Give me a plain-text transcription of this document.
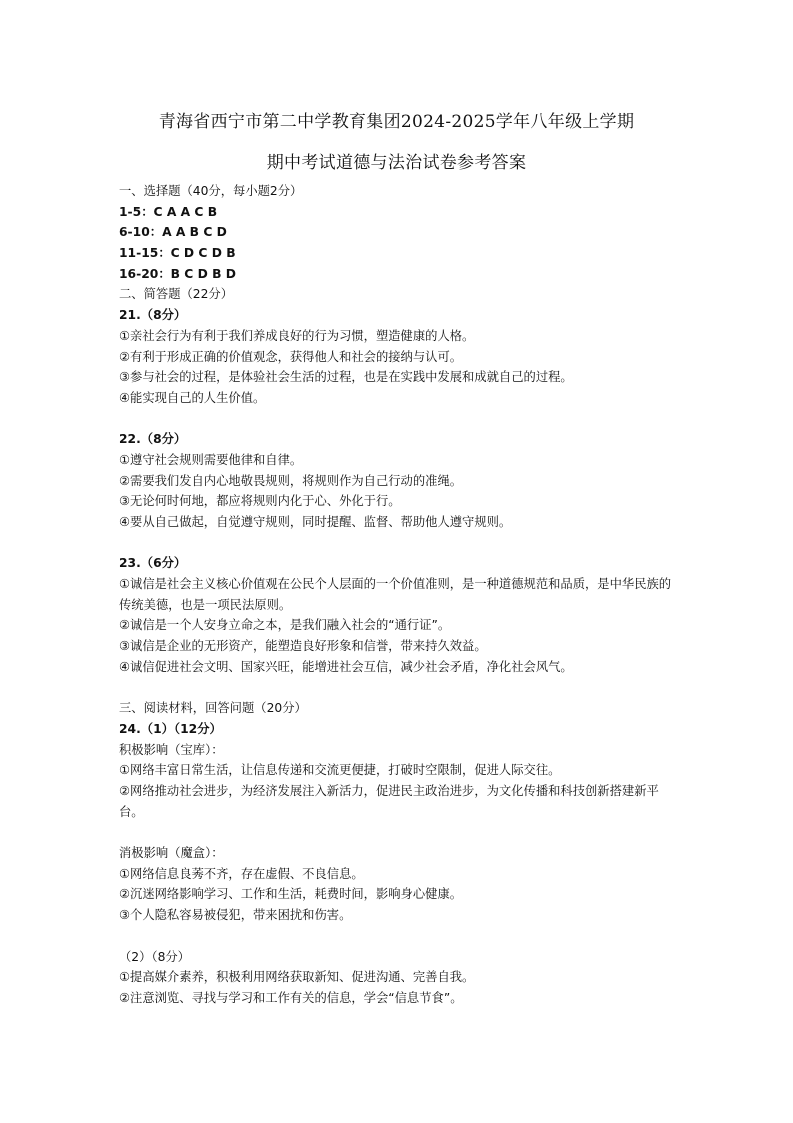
青海省西宁市第二中学教育集团2024-2025学年八年级上学期
期中考试道德与法治试卷参考答案
一、选择题（40分，每小题2分）
1-5：C A A C B
6-10：A A B C D
11-15：C D C D B
16-20：B C D B D
二、简答题（22分）
21.（8分）
①亲社会行为有利于我们养成良好的行为习惯，塑造健康的人格。
②有利于形成正确的价值观念，获得他人和社会的接纳与认可。
③参与社会的过程，是体验社会生活的过程，也是在实践中发展和成就自己的过程。
④能实现自己的人生价值。
22.（8分）
①遵守社会规则需要他律和自律。
②需要我们发自内心地敬畏规则，将规则作为自己行动的准绳。
③无论何时何地，都应将规则内化于心、外化于行。
④要从自己做起，自觉遵守规则，同时提醒、监督、帮助他人遵守规则。
23.（6分）
①诚信是社会主义核心价值观在公民个人层面的一个价值准则，是一种道德规范和品质，是中华民族的传统美德，也是一项民法原则。
②诚信是一个人安身立命之本，是我们融入社会的“通行证”。
③诚信是企业的无形资产，能塑造良好形象和信誉，带来持久效益。
④诚信促进社会文明、国家兴旺，能增进社会互信，减少社会矛盾，净化社会风气。
三、阅读材料，回答问题（20分）
24.（1）（12分）
积极影响（宝库）：
①网络丰富日常生活，让信息传递和交流更便捷，打破时空限制，促进人际交往。
②网络推动社会进步，为经济发展注入新活力，促进民主政治进步，为文化传播和科技创新搭建新平台。
消极影响（魔盒）：
①网络信息良莠不齐，存在虚假、不良信息。
②沉迷网络影响学习、工作和生活，耗费时间，影响身心健康。
③个人隐私容易被侵犯，带来困扰和伤害。
（2）（8分）
①提高媒介素养，积极利用网络获取新知、促进沟通、完善自我。
②注意浏览、寻找与学习和工作有关的信息，学会“信息节食”。
